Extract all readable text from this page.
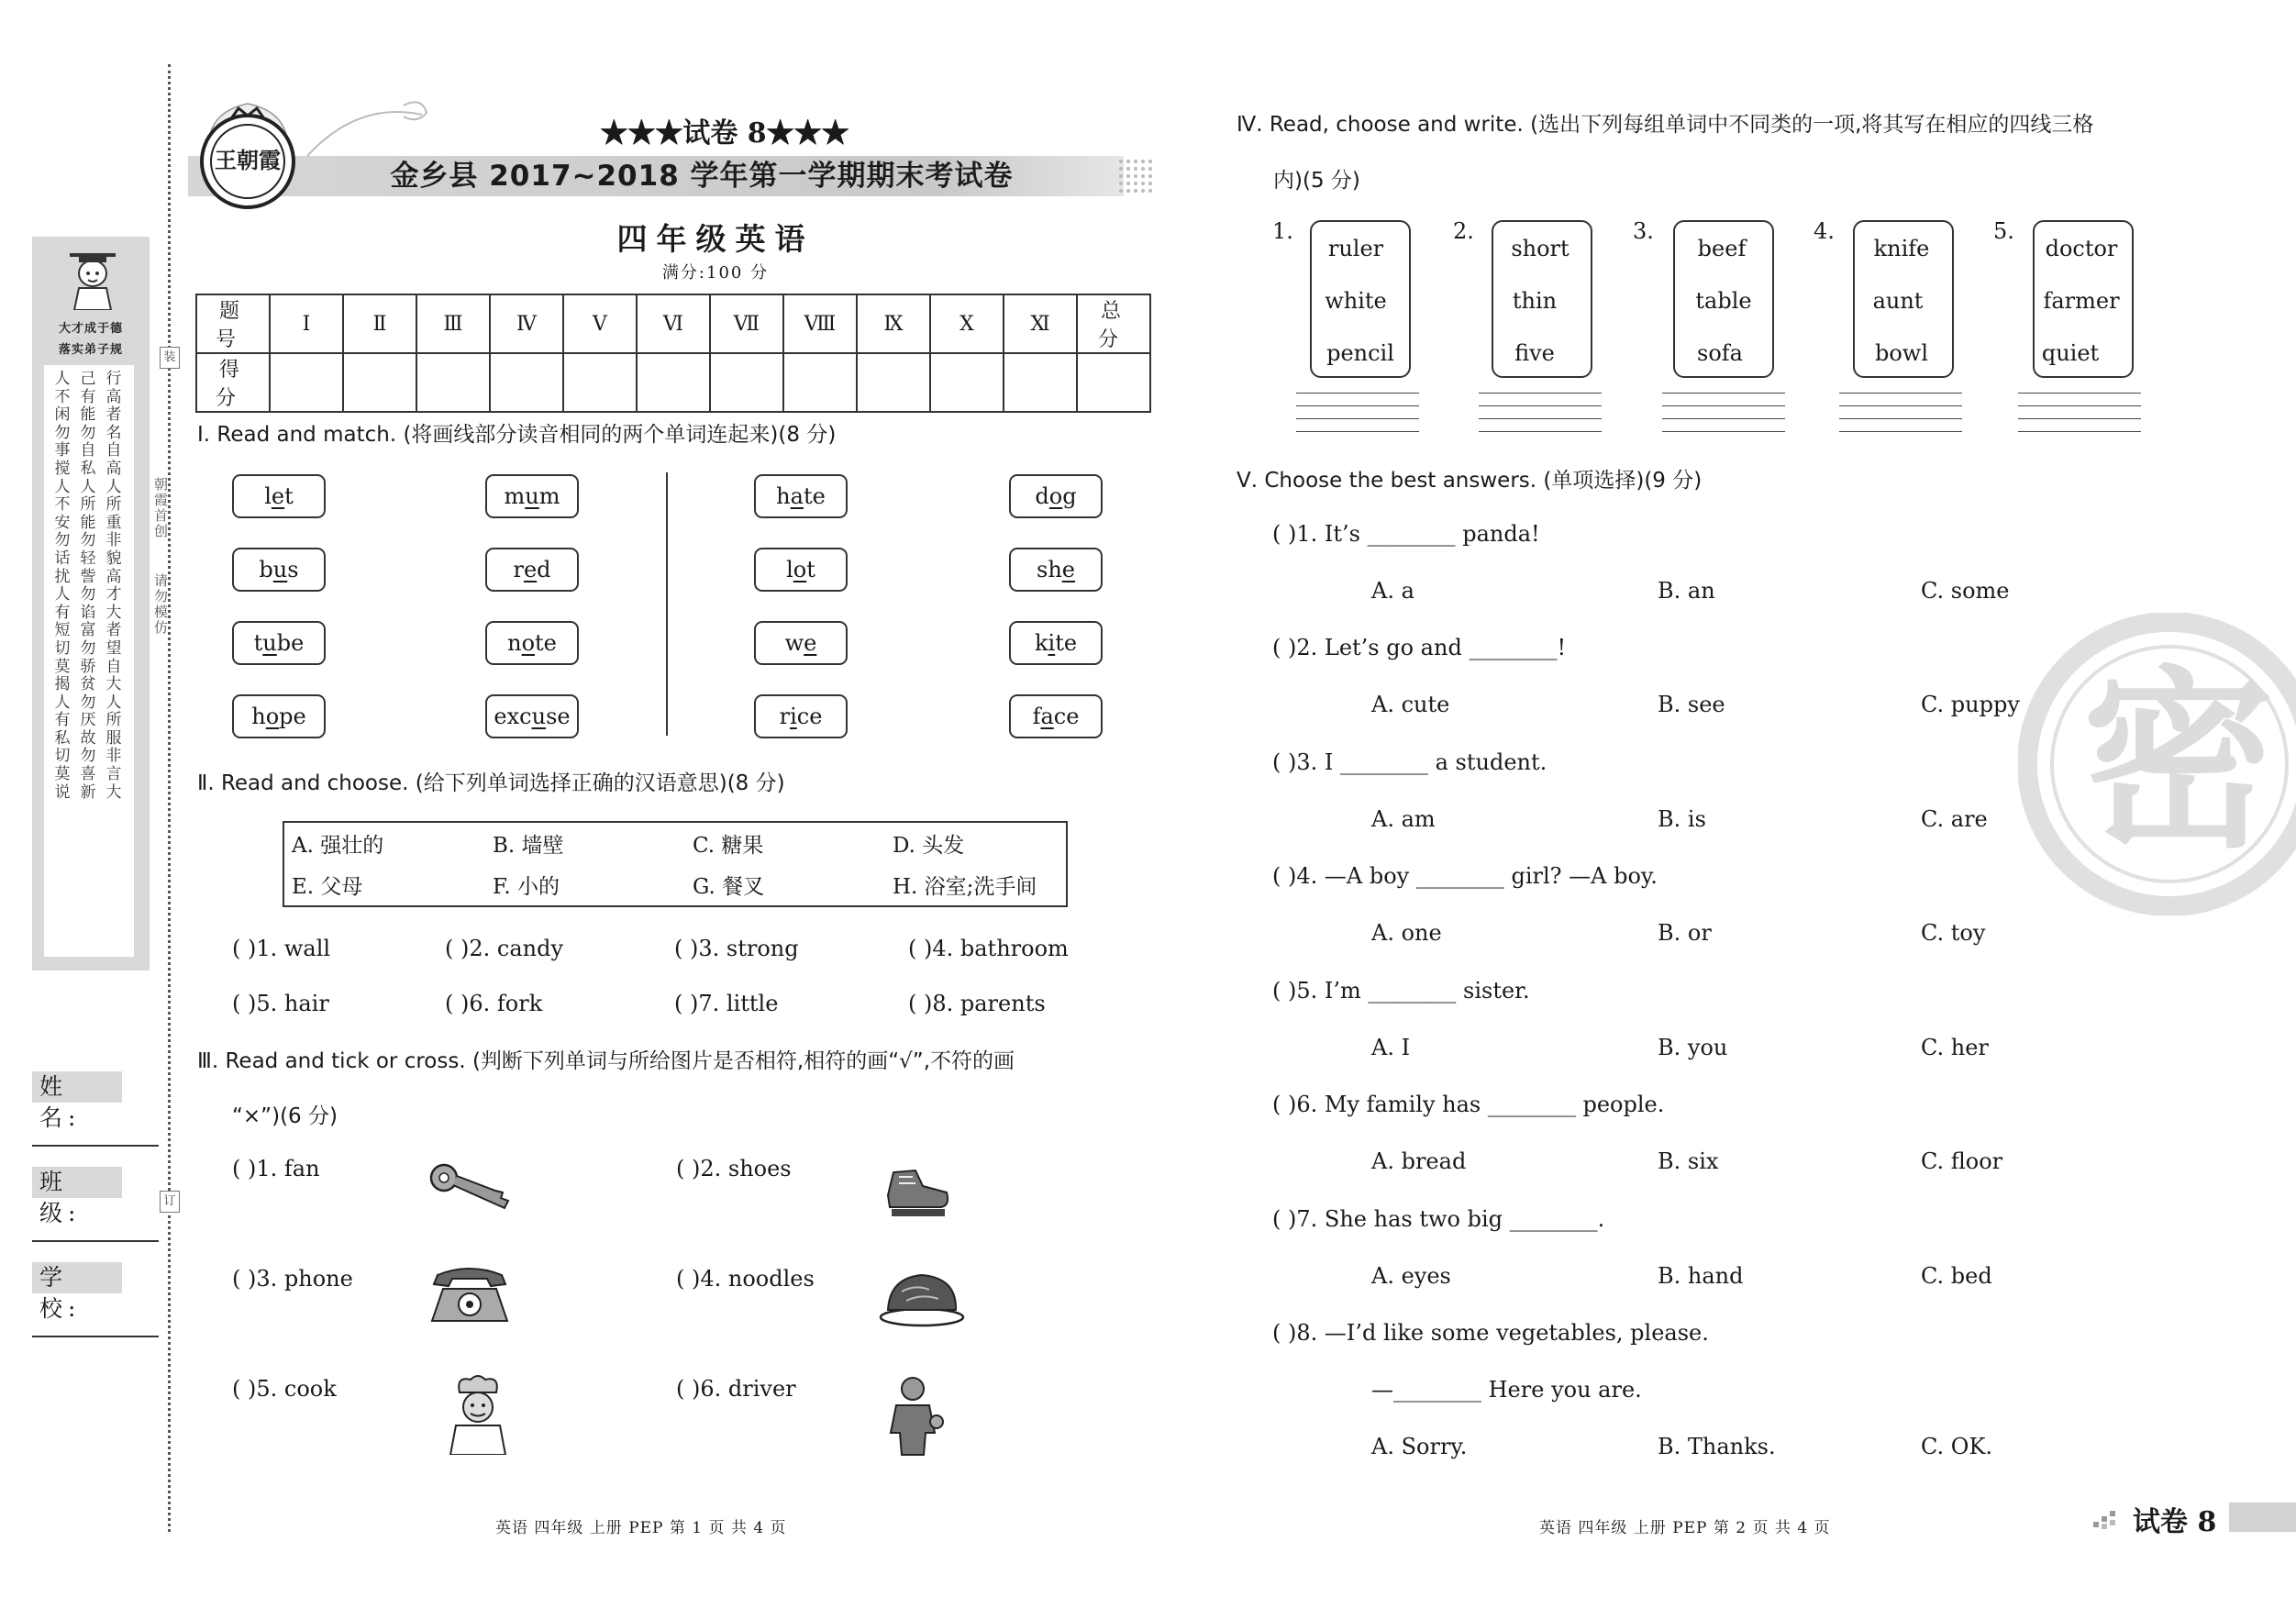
大才成于德
落实弟子规
人不闲勿事搅人不安勿话扰人有短切莫揭人有私切莫说
己有能勿自私人所能勿轻訾勿谄富勿骄贫勿厌故勿喜新
行高者名自高人所重非貌高才大者望自大人所服非言大
装
订
朝霞首创
请勿模仿
姓 名:
班 级:
学 校:
王朝霞
★★★试卷 8★★★
金乡县 2017~2018 学年第一学期期末考试卷
四年级英语
满分:100 分
题 号	Ⅰ	Ⅱ	Ⅲ	Ⅳ	Ⅴ	Ⅵ	Ⅶ	Ⅷ	Ⅸ	Ⅹ	Ⅺ	总 分
得 分												
Ⅰ. Read and match. (将画线部分读音相同的两个单词连起来)(8 分)
let
bus
tube
hope
mum
red
note
excuse
hate
lot
we
rice
dog
she
kite
face
Ⅱ. Read and choose. (给下列单词选择正确的汉语意思)(8 分)
A. 强壮的	B. 墙壁	C. 糖果	D. 头发
E. 父母	F. 小的	G. 餐叉	H. 浴室;洗手间
( )1. wall	( )2. candy	( )3. strong	( )4. bathroom
( )5. hair	( )6. fork	( )7. little	( )8. parents
Ⅲ. Read and tick or cross. (判断下列单词与所给图片是否相符,相符的画“√”,不符的画
“×”)(6 分)
( )1. fan	( )2. shoes
( )3. phone	( )4. noodles
( )5. cook	( )6. driver
英语 四年级 上册 PEP 第 1 页 共 4 页
Ⅳ. Read, choose and write. (选出下列每组单词中不同类的一项,将其写在相应的四线三格
内)(5 分)
1.
ruler
white
pencil
2.
short
thin
five
3.
beef
table
sofa
4.
knife
aunt
bowl
5.
doctor
farmer
quiet
Ⅴ. Choose the best answers. (单项选择)(9 分)
( )1. It’s ________ panda!
A. a	B. an	C. some
( )2. Let’s go and ________!
A. cute	B. see	C. puppy
( )3. I ________ a student.
A. am	B. is	C. are
( )4. —A boy ________ girl? —A boy.
A. one	B. or	C. toy
( )5. I’m ________ sister.
A. I	B. you	C. her
( )6. My family has ________ people.
A. bread	B. six	C. floor
( )7. She has two big ________.
A. eyes	B. hand	C. bed
( )8. —I’d like some vegetables, please.
—________ Here you are.
A. Sorry.	B. Thanks.	C. OK.
英语 四年级 上册 PEP 第 2 页 共 4 页
密
试卷 8
